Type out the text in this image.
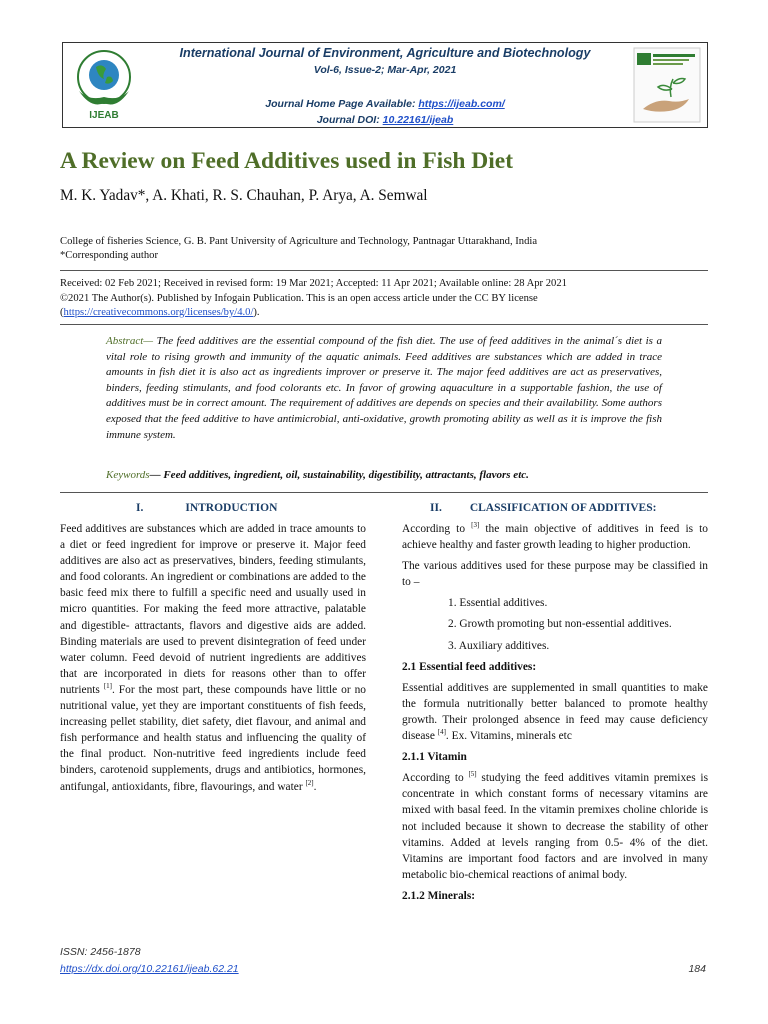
IJEAB
International Journal of Environment, Agriculture and Biotechnology
Vol-6, Issue-2; Mar-Apr, 2021
Journal Home Page Available: https://ijeab.com/
Journal DOI: 10.22161/ijeab
A Review on Feed Additives used in Fish Diet
M. K. Yadav*, A. Khati, R. S. Chauhan, P. Arya, A. Semwal
College of fisheries Science, G. B. Pant University of Agriculture and Technology, Pantnagar Uttarakhand, India
*Corresponding author
Received: 02 Feb 2021; Received in revised form: 19 Mar 2021; Accepted: 11 Apr 2021; Available online: 28 Apr 2021
©2021 The Author(s). Published by Infogain Publication. This is an open access article under the CC BY license
(https://creativecommons.org/licenses/by/4.0/).
Abstract— The feed additives are the essential compound of the fish diet. The use of feed additives in the animal´s diet is a vital role to rising growth and immunity of the aquatic animals. Feed additives are substances which are added in trace amounts in fish diet it is also act as ingredients improver or preserve it. The major feed additives are act as preservatives, binders, feeding stimulants, and food colorants etc. In favor of growing aquaculture in a supportable fashion, the use of additives must be in correct amount. The requirement of additives are depends on species and their availability. Some authors exposed that the feed additive to have antimicrobial, anti-oxidative, growth promoting ability as well as it is improve the fish immune system.
Keywords— Feed additives, ingredient, oil, sustainability, digestibility, attractants, flavors etc.
I.	INTRODUCTION	II. CLASSIFICATION OF ADDITIVES:

Feed additives are substances which are added in trace amounts to a diet or feed ingredient for improve or preserve it. Major feed additives are also act as preservatives, binders, feeding stimulants, and food colorants. An ingredient or combinations are added to the basic feed mix there to fulfill a specific need and usually used in micro quantities. For making the feed more attractive, palatable and digestible- attractants, flavors and digestive aids are added. Binding materials are used to prevent disintegration of feed under water column. Feed devoid of nutrient ingredients are additives that are incorporated in diets for reasons other than to offer nutrients [1]. For the most part, these compounds have little or no nutritional value, yet they are important constituents of fish feeds, increasing pellet stability, diet safety, diet flavour, and animal and fish performance and health status and influencing the quality of the final product. Non-nutritive feed ingredients include feed binders, carotenoid supplements, drugs and antibiotics, hormones, antifungal, antioxidants, fibre, flavourings, and water [2].

According to [3] the main objective of additives in feed is to achieve healthy and faster growth leading to higher production.

The various additives used for these purpose may be classified in to –

1. Essential additives.

2. Growth promoting but non-essential additives.

3. Auxiliary additives.

2.1 Essential feed additives:

Essential additives are supplemented in small quantities to make the formula nutritionally better balanced to promote healthy growth. Their prolonged absence in feed may cause deficiency disease [4]. Ex. Vitamins, minerals etc

2.1.1 Vitamin

According to [5] studying the feed additives vitamin premixes is concentrate in which constant forms of necessary vitamins are mixed with basal feed. In the vitamin premixes choline chloride is not included because it shown to decrease the stability of other vitamins. Added at levels ranging from 0.5- 4% of the diet. Vitamins are important food factors and are involved in many metabolic bio-chemical reactions of animal body.

2.1.2 Minerals:

ISSN: 2456-1878
https://dx.doi.org/10.22161/ijeab.62.21	184
